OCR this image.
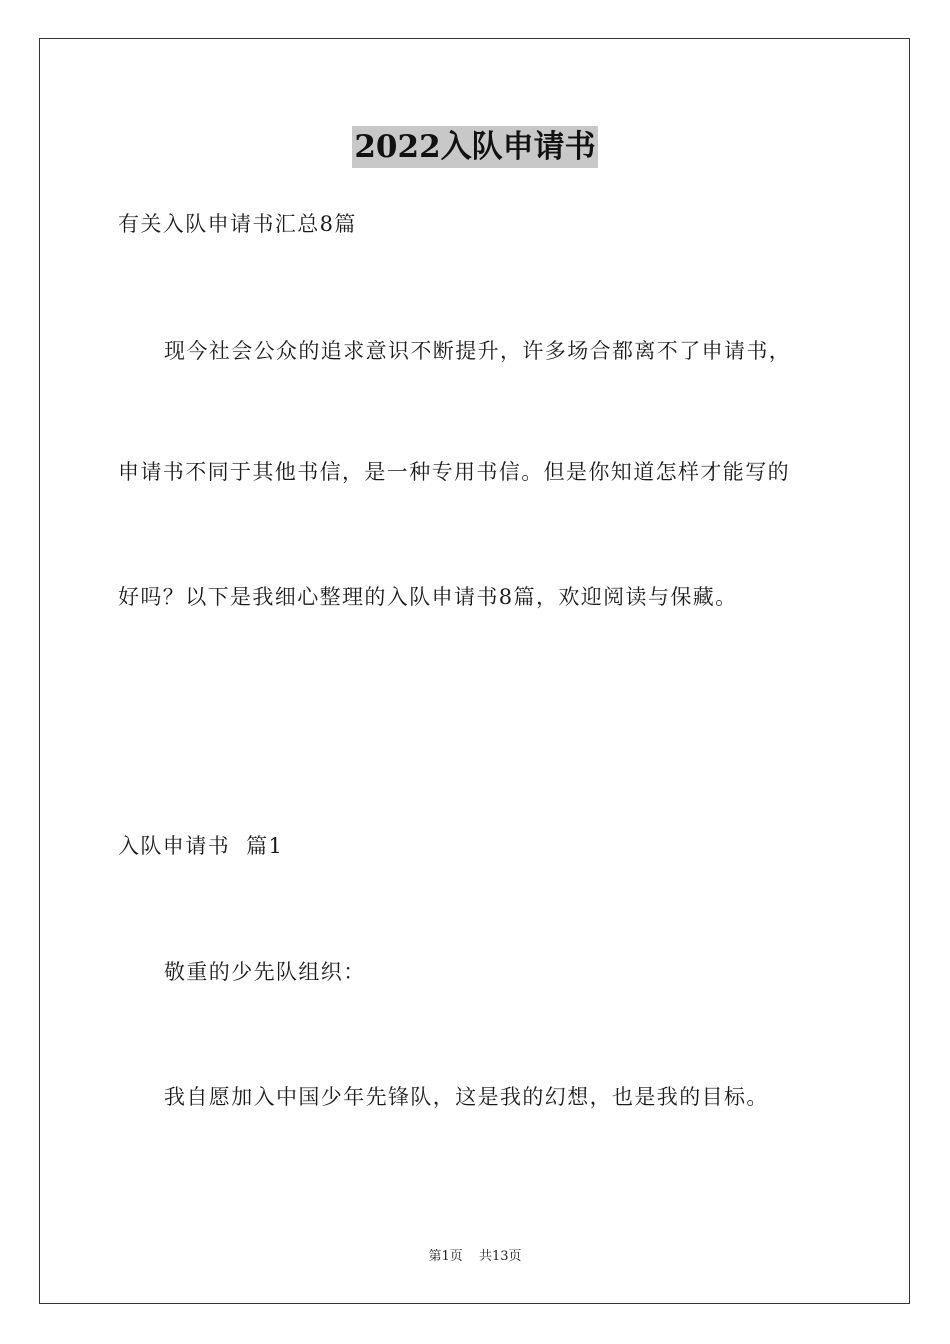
2022入队申请书
有关入队申请书汇总8篇
现今社会公众的追求意识不断提升，许多场合都离不了申请书，
申请书不同于其他书信，是一种专用书信。但是你知道怎样才能写的
好吗？以下是我细心整理的入队申请书8篇，欢迎阅读与保藏。
入队申请书  篇1
敬重的少先队组织：
我自愿加入中国少年先锋队，这是我的幻想，也是我的目标。
第1页 共13页
